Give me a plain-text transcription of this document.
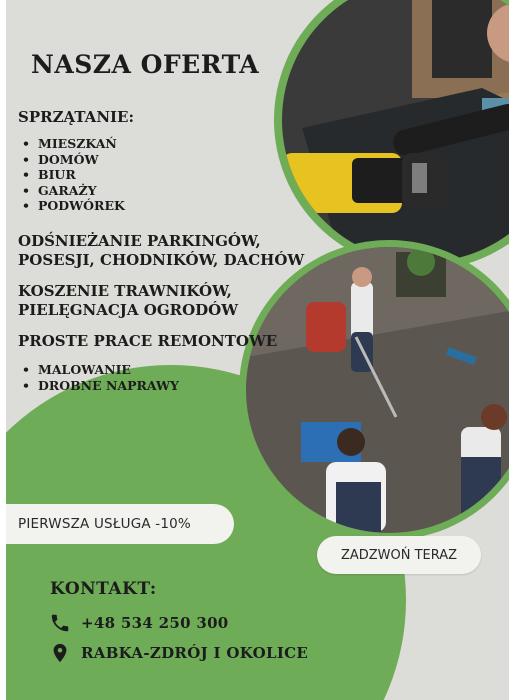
NASZA OFERTA
SPRZĄTANIE:
• MIESZKAŃ
• DOMÓW
• BIUR
• GARAŻY
• PODWÓREK
ODŚNIEŻANIE PARKINGÓW,
POSESJI, CHODNIKÓW, DACHÓW
KOSZENIE TRAWNIKÓW,
PIELĘGNACJA OGRODÓW
PROSTE PRACE REMONTOWE
• MALOWANIE
• DROBNE NAPRAWY
PIERWSZA USŁUGA -10%
ZADZWOŃ TERAZ
KONTAKT:
+48 534 250 300
RABKA-ZDRÓJ I OKOLICE
